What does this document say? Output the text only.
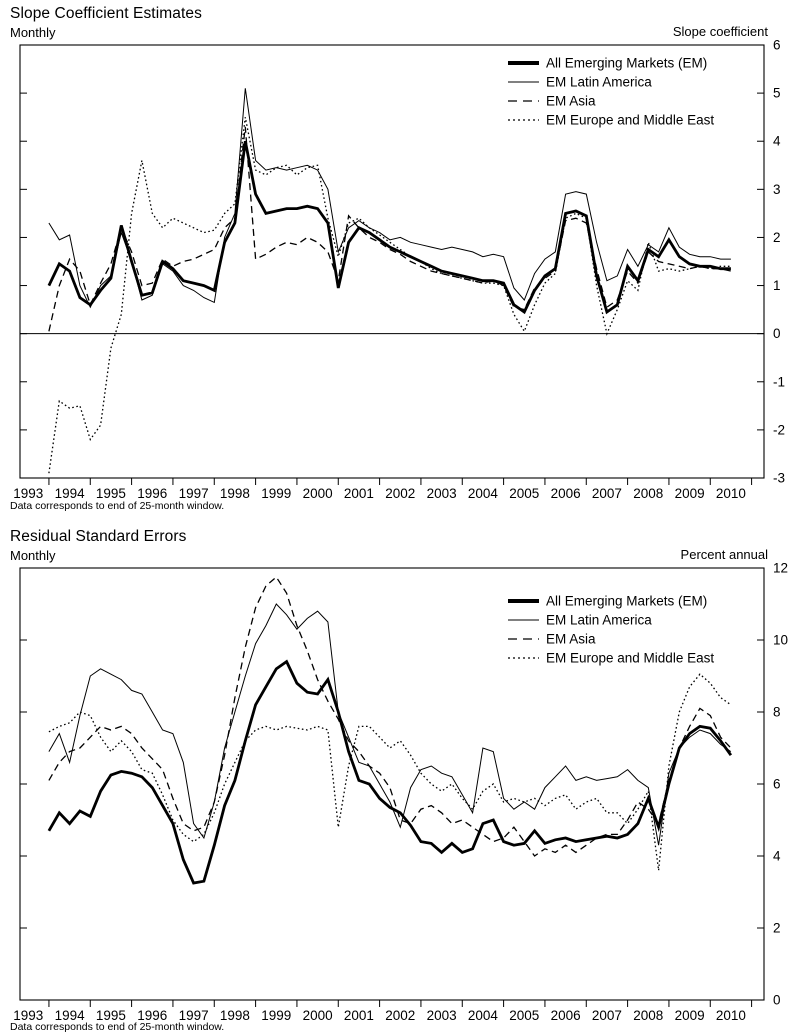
6
5
4
3
2
1
0
-1
-2
-3
1993 1994 1995 1996 1997 1998 1999 2000 2001 2002 2003 2004 2005 2006 2007 2008 2009 2010
All Emerging Markets (EM)
EM Latin America
EM Asia
EM Europe and Middle East
12
10
8
6
4
2
0
1993 1994 1995 1996 1997 1998 1999 2000 2001 2002 2003 2004 2005 2006 2007 2008 2009 2010
All Emerging Markets (EM)
EM Latin America
EM Asia
EM Europe and Middle East
Slope Coefficient Estimates
Monthly	Slope coefficient
Data corresponds to end of 25-month window.
Residual Standard Errors
Monthly	Percent annual
Data corresponds to end of 25-month window.
